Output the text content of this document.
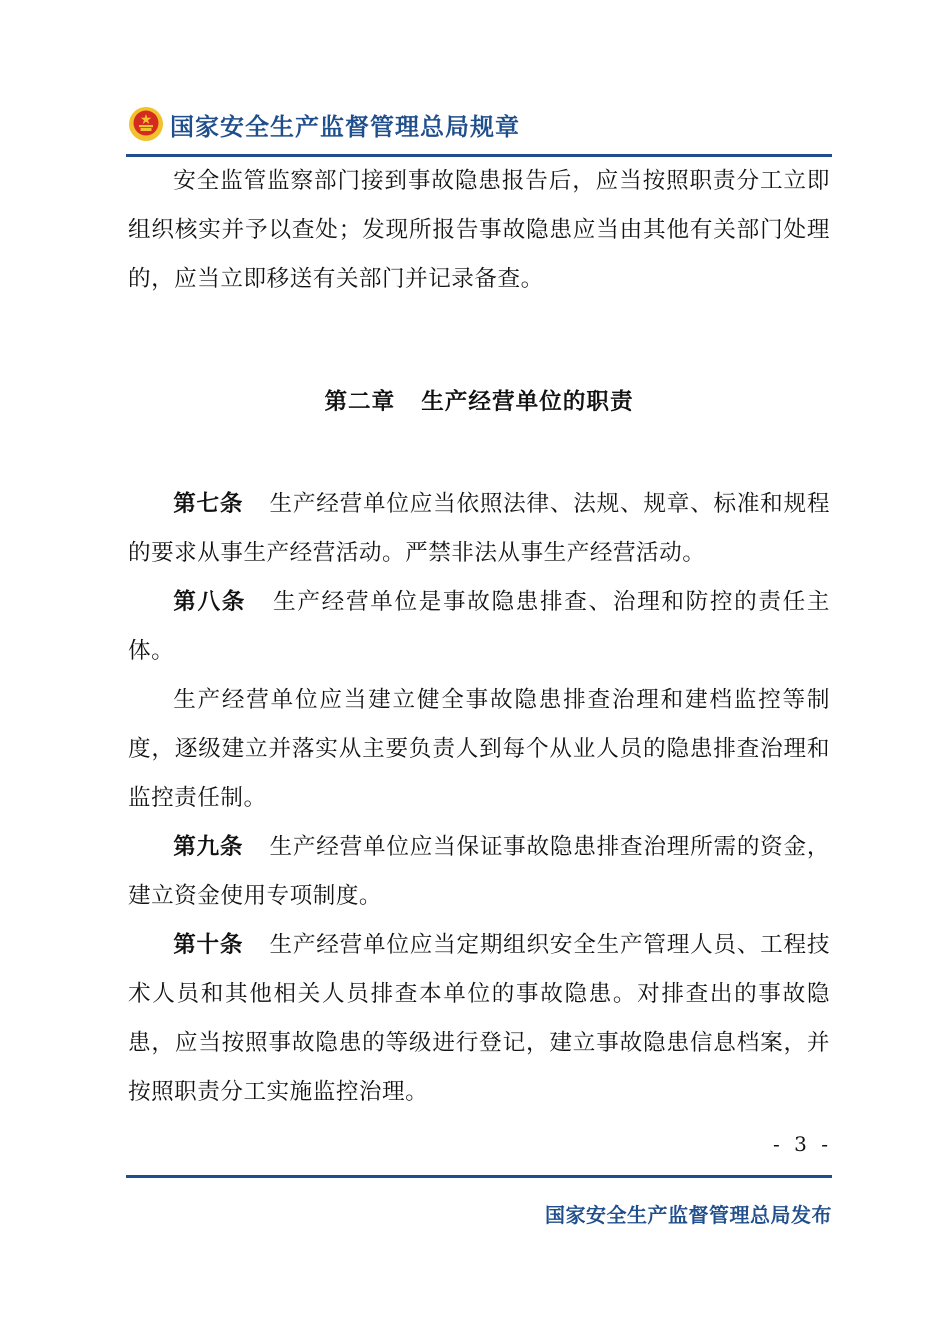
国家安全生产监督管理总局规章

安全监管监察部门接到事故隐患报告后，应当按照职责分工立即组织核实并予以查处；发现所报告事故隐患应当由其他有关部门处理的，应当立即移送有关部门并记录备查。

第二章 生产经营单位的职责

第七条 生产经营单位应当依照法律、法规、规章、标准和规程的要求从事生产经营活动。严禁非法从事生产经营活动。

第八条 生产经营单位是事故隐患排查、治理和防控的责任主体。

生产经营单位应当建立健全事故隐患排查治理和建档监控等制度，逐级建立并落实从主要负责人到每个从业人员的隐患排查治理和监控责任制。

第九条 生产经营单位应当保证事故隐患排查治理所需的资金，建立资金使用专项制度。

第十条 生产经营单位应当定期组织安全生产管理人员、工程技术人员和其他相关人员排查本单位的事故隐患。对排查出的事故隐患，应当按照事故隐患的等级进行登记，建立事故隐患信息档案，并按照职责分工实施监控治理。

- 3 -
国家安全生产监督管理总局发布
